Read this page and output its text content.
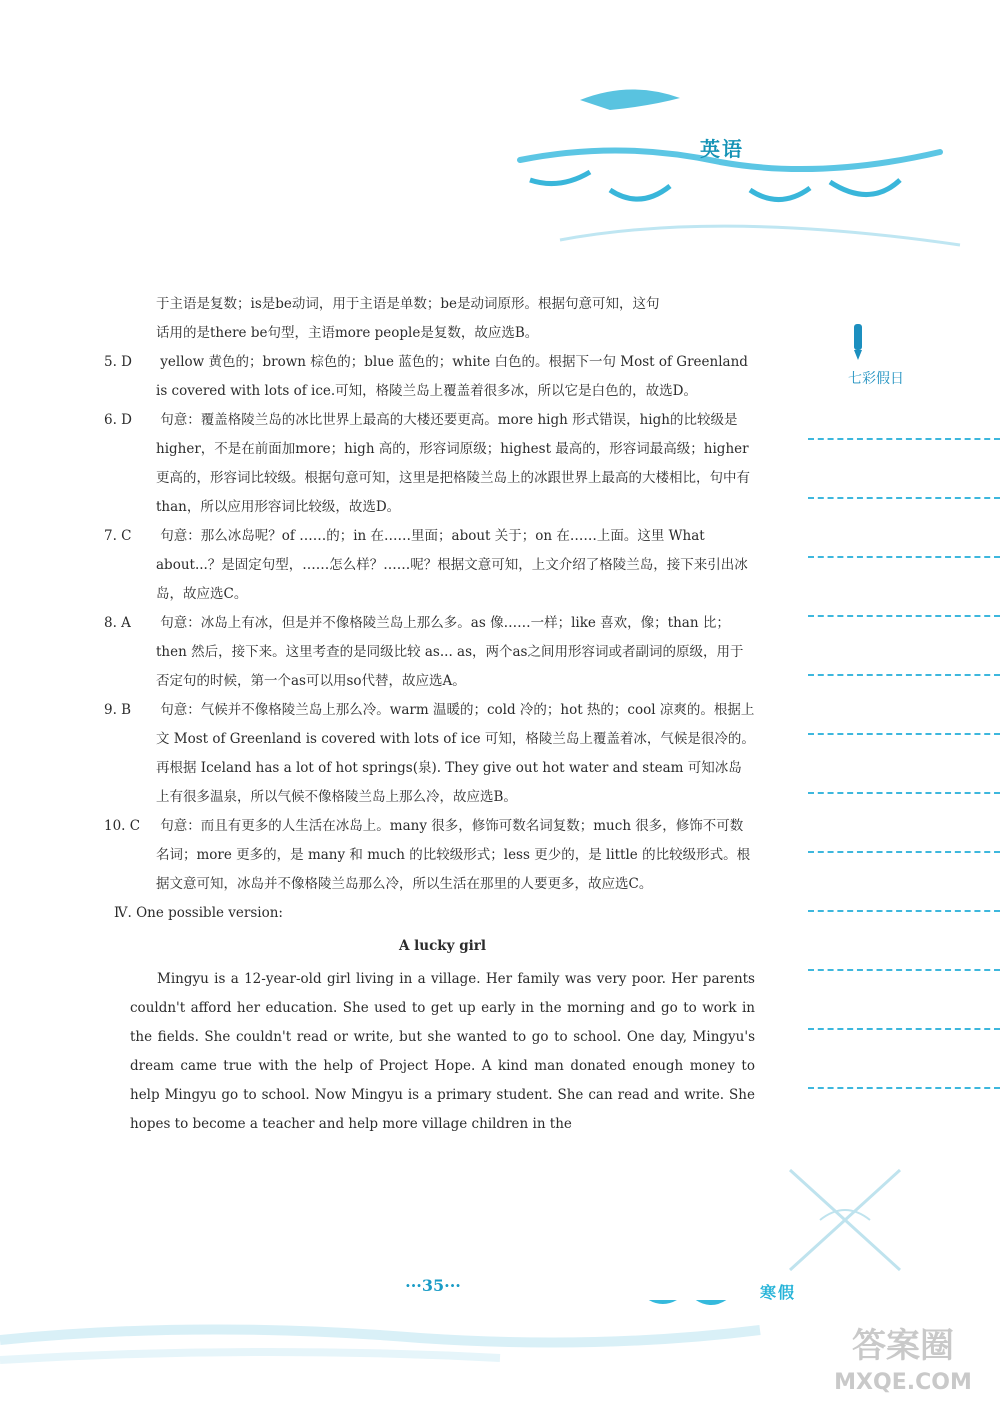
英语
七彩假日

于主语是复数；is是be动词，用于主语是单数；be是动词原形。根据句意可知，这句

话用的是there be句型，主语more people是复数，故应选B。

5. D yellow 黄色的；brown 棕色的；blue 蓝色的；white 白色的。根据下一句 Most of Greenland is covered with lots of ice.可知，格陵兰岛上覆盖着很多冰，所以它是白色的，故选D。

6. D 句意：覆盖格陵兰岛的冰比世界上最高的大楼还要更高。more high 形式错误，high的比较级是higher，不是在前面加more；high 高的，形容词原级；highest 最高的，形容词最高级；higher 更高的，形容词比较级。根据句意可知，这里是把格陵兰岛上的冰跟世界上最高的大楼相比，句中有than，所以应用形容词比较级，故选D。

7. C 句意：那么冰岛呢？of ……的；in 在……里面；about 关于；on 在……上面。这里 What about...？是固定句型，……怎么样？……呢？根据文意可知，上文介绍了格陵兰岛，接下来引出冰岛，故应选C。

8. A 句意：冰岛上有冰，但是并不像格陵兰岛上那么多。as 像……一样；like 喜欢，像；than 比；then 然后，接下来。这里考查的是同级比较 as... as，两个as之间用形容词或者副词的原级，用于否定句的时候，第一个as可以用so代替，故应选A。

9. B 句意：气候并不像格陵兰岛上那么冷。warm 温暖的；cold 冷的；hot 热的；cool 凉爽的。根据上文 Most of Greenland is covered with lots of ice 可知，格陵兰岛上覆盖着冰，气候是很冷的。再根据 Iceland has a lot of hot springs(泉). They give out hot water and steam 可知冰岛上有很多温泉，所以气候不像格陵兰岛上那么冷，故应选B。

10. C 句意：而且有更多的人生活在冰岛上。many 很多，修饰可数名词复数；much 很多，修饰不可数名词；more 更多的，是 many 和 much 的比较级形式；less 更少的，是 little 的比较级形式。根据文意可知，冰岛并不像格陵兰岛那么冷，所以生活在那里的人要更多，故应选C。

Ⅳ. One possible version:

A lucky girl

Mingyu is a 12-year-old girl living in a village. Her family was very poor. Her parents couldn't afford her education. She used to get up early in the morning and go to work in the fields. She couldn't read or write, but she wanted to go to school. One day, Mingyu's dream came true with the help of Project Hope. A kind man donated enough money to help Mingyu go to school. Now Mingyu is a primary student. She can read and write. She hopes to become a teacher and help more village children in the

···35···	寒假
答案圈
MXQE.COM
